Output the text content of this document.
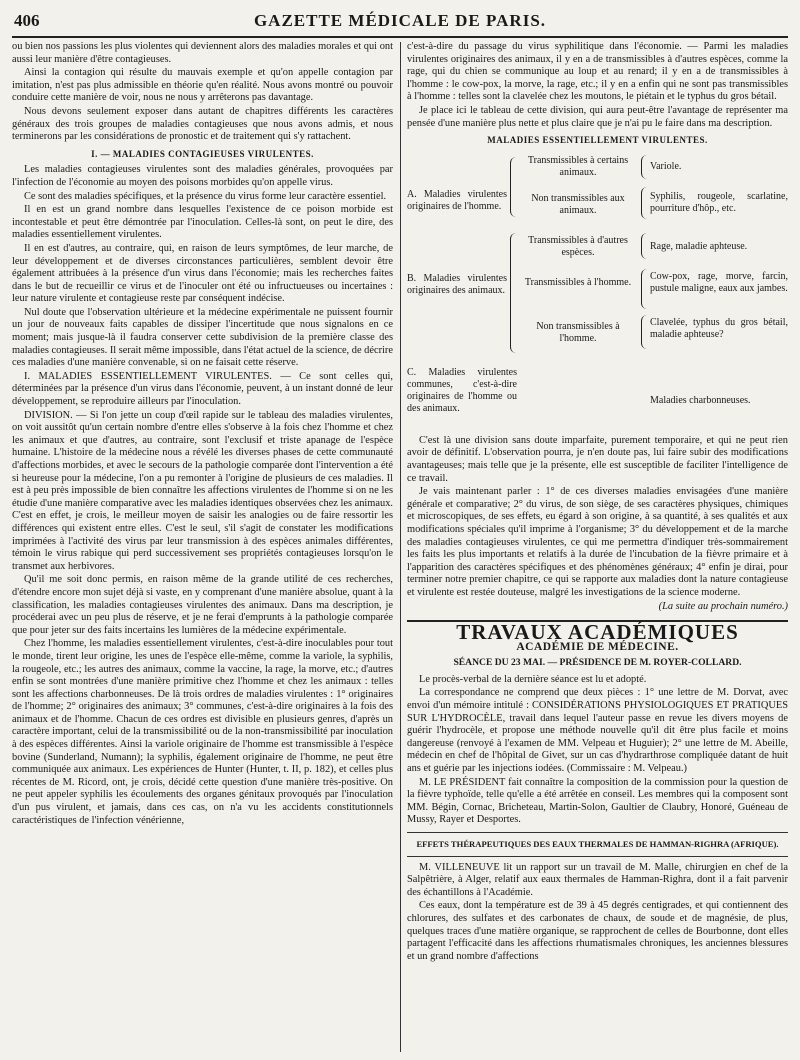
406	GAZETTE MÉDICALE DE PARIS.

ou bien nos passions les plus violentes qui deviennent alors des maladies morales et qui ont aussi leur manière d'être contagieuses.

Ainsi la contagion qui résulte du mauvais exemple et qu'on appelle contagion par imitation, n'est pas plus admissible en théorie qu'en réalité. Nous avons montré ou pouvoir conduire cette manière de voir, nous ne nous y arrêterons pas davantage.

Nous devons seulement exposer dans autant de chapitres différents les caractères généraux des trois groupes de maladies contagieuses que nous avons admis, et nous terminerons par les considérations de pronostic et de traitement qui s'y rattachent.

I. — MALADIES CONTAGIEUSES VIRULENTES.

Les maladies contagieuses virulentes sont des maladies générales, provoquées par l'infection de l'économie au moyen des poisons morbides qu'on appelle virus.

Ce sont des maladies spécifiques, et la présence du virus forme leur caractère essentiel.

Il en est un grand nombre dans lesquelles l'existence de ce poison morbide est incontestable et peut être démontrée par l'inoculation. Celles-là sont, on peut le dire, des maladies essentiellement virulentes.

Il en est d'autres, au contraire, qui, en raison de leurs symptômes, de leur marche, de leur développement et de diverses circonstances particulières, semblent devoir être également attribuées à la présence d'un virus dans l'économie; mais les recherches faites dans le but de recueillir ce virus et de l'inoculer ont été ou infructueuses ou incertaines : leur nature virulente et contagieuse reste par conséquent indécise.

Nul doute que l'observation ultérieure et la médecine expérimentale ne puissent fournir un jour de nouveaux faits capables de dissiper l'incertitude que nous signalons en ce moment; mais jusque-là il faudra conserver cette subdivision de la première classe des maladies contagieuses. Il serait même impossible, dans l'état actuel de la science, de décrire ces maladies d'une manière convenable, si on ne faisait cette réserve.

I. MALADIES ESSENTIELLEMENT VIRULENTES. — Ce sont celles qui, déterminées par la présence d'un virus dans l'économie, peuvent, à un instant donné de leur développement, se reproduire ailleurs par l'inoculation.

DIVISION. — Si l'on jette un coup d'œil rapide sur le tableau des maladies virulentes, on voit aussitôt qu'un certain nombre d'entre elles s'observe à la fois chez l'homme et chez les animaux et que d'autres, au contraire, sont l'exclusif et triste apanage de l'espèce humaine. L'histoire de la médecine nous a révélé les diverses phases de cette communauté d'affections morbides, et avec le secours de la pathologie comparée dont l'intervention a été si heureuse pour la médecine, l'on a pu remonter à l'origine de plusieurs de ces maladies. Il est à peu près impossible de bien connaître les affections virulentes de l'homme si on ne les étudie d'une manière comparative avec les maladies identiques observées chez les animaux. C'est en effet, je crois, le meilleur moyen de saisir les analogies ou de faire ressortir les différences qui existent entre elles. C'est le seul, s'il s'agit de constater les modifications imprimées à l'activité des virus par leur transmission à des espèces animales différentes, témoin le virus rabique qui perd successivement ses propriétés contagieuses lorsqu'on le transmet aux herbivores.

Qu'il me soit donc permis, en raison même de la grande utilité de ces recherches, d'étendre encore mon sujet déjà si vaste, en y comprenant d'une manière absolue, quant à la classification, les maladies contagieuses virulentes des animaux. Dans ma description, je procéderai avec un peu plus de réserve, et je ne ferai d'emprunts à la pathologie comparée que pour jeter sur des faits incertains les lumières de la médecine expérimentale.

Chez l'homme, les maladies essentiellement virulentes, c'est-à-dire inoculables pour tout le monde, tirent leur origine, les unes de l'espèce elle-même, comme la variole, la syphilis, la rougeole, etc.; les autres des animaux, comme la vaccine, la rage, la morve, etc.; d'autres enfin se sont montrées d'une manière primitive chez l'homme et chez les animaux : telles sont les affections charbonneuses. De là trois ordres de maladies virulentes : 1° originaires de l'homme; 2° originaires des animaux; 3° communes, c'est-à-dire originaires à la fois des animaux et de l'homme. Chacun de ces ordres est divisible en plusieurs genres, d'après un caractère important, celui de la transmissibilité ou de la non-transmissibilité par inoculation à des espèces différentes. Ainsi la variole originaire de l'homme est transmissible à l'espèce bovine (Sunderland, Numann); la syphilis, également originaire de l'homme, ne peut être communiquée aux animaux. Les expériences de Hunter (Hunter, t. II, p. 182), et celles plus récentes de M. Ricord, ont, je crois, décidé cette question d'une manière très-positive. On ne peut appeler syphilis les écoulements des organes génitaux provoqués par l'inoculation d'un pus virulent, et jamais, dans ces cas, on n'a vu les accidents constitutionnels caractéristiques de l'infection vénérienne,

c'est-à-dire du passage du virus syphilitique dans l'économie. — Parmi les maladies virulentes originaires des animaux, il y en a de transmissibles à d'autres espèces, comme la rage, qui du chien se communique au loup et au renard; il y en a de transmissibles à l'homme : le cow-pox, la morve, la rage, etc.; il y en a enfin qui ne sont pas transmissibles à l'homme : telles sont la clavelée chez les moutons, le piétain et le typhus du gros bétail.

Je place ici le tableau de cette division, qui aura peut-être l'avantage de représenter ma pensée d'une manière plus nette et plus claire que je n'ai pu le faire dans ma description.

MALADIES ESSENTIELLEMENT VIRULENTES.
A. Maladies virulentes originaires de l'homme.
Transmissibles à certains animaux.
Non transmissibles aux animaux.
Variole.
Syphilis, rougeole, scarlatine, pourriture d'hôp., etc.
B. Maladies virulentes originaires des animaux.
Transmissibles à d'autres espèces.
Transmissibles à l'homme.
Non transmissibles à l'homme.
Rage, maladie aphteuse.
Cow-pox, rage, morve, farcin, pustule maligne, eaux aux jambes.
Clavelée, typhus du gros bétail, maladie aphteuse?
C. Maladies virulentes communes, c'est-à-dire originaires de l'homme ou des animaux.
Maladies charbonneuses.

C'est là une division sans doute imparfaite, purement temporaire, et qui ne peut rien avoir de définitif. L'observation pourra, je n'en doute pas, lui faire subir des modifications avantageuses; mais telle que je la présente, elle est susceptible de faciliter l'intelligence de ce travail.

Je vais maintenant parler : 1° de ces diverses maladies envisagées d'une manière générale et comparative; 2° du virus, de son siège, de ses caractères physiques, chimiques et microscopiques, de ses effets, eu égard à son origine, à sa quantité, à ses qualités et aux modifications spéciales qu'il imprime à l'organisme; 3° du développement et de la marche des maladies contagieuses virulentes, ce qui me permettra d'indiquer très-sommairement les faits les plus importants et relatifs à la durée de l'incubation de la fièvre primaire et à l'apparition des caractères spécifiques et des phénomènes généraux; 4° enfin je dirai, pour terminer notre premier chapitre, ce qui se rapporte aux maladies dont la nature contagieuse et virulente est restée douteuse, malgré les investigations de la science moderne.

(La suite au prochain numéro.)
TRAVAUX ACADÉMIQUES
ACADÉMIE DE MÉDECINE.
SÉANCE DU 23 MAI. — PRÉSIDENCE DE M. ROYER-COLLARD.

Le procès-verbal de la dernière séance est lu et adopté.

La correspondance ne comprend que deux pièces : 1° une lettre de M. Dorvat, avec envoi d'un mémoire intitulé : CONSIDÉRATIONS PHYSIOLOGIQUES ET PRATIQUES SUR L'HYDROCÈLE, travail dans lequel l'auteur passe en revue les divers moyens de guérir l'hydrocèle, et propose une méthode nouvelle qu'il dit être plus facile et moins dangereuse (renvoyé à l'examen de MM. Velpeau et Huguier); 2° une lettre de M. Abeille, médecin en chef de l'hôpital de Givet, sur un cas d'hydrarthrose compliquée datant de huit ans et guérie par les injections iodées. (Commissaire : M. Velpeau.)

M. LE PRÉSIDENT fait connaître la composition de la commission pour la question de la fièvre typhoïde, telle qu'elle a été arrêtée en conseil. Les membres qui la composent sont MM. Bégin, Cornac, Bricheteau, Martin-Solon, Gaultier de Claubry, Honoré, Guéneau de Mussy, Rayer et Desportes.

EFFETS THÉRAPEUTIQUES DES EAUX THERMALES DE HAMMAN-RIGHRA (AFRIQUE).

M. VILLENEUVE lit un rapport sur un travail de M. Malle, chirurgien en chef de la Salpêtrière, à Alger, relatif aux eaux thermales de Hamman-Righra, dont il a fait parvenir des échantillons à l'Académie.

Ces eaux, dont la température est de 39 à 45 degrés centigrades, et qui contiennent des chlorures, des sulfates et des carbonates de chaux, de soude et de magnésie, de plus, quelques traces d'une matière organique, se rapprochent de celles de Bourbonne, dont elles partagent l'efficacité dans les affections rhumatismales chroniques, les anciennes blessures et un grand nombre d'affections
